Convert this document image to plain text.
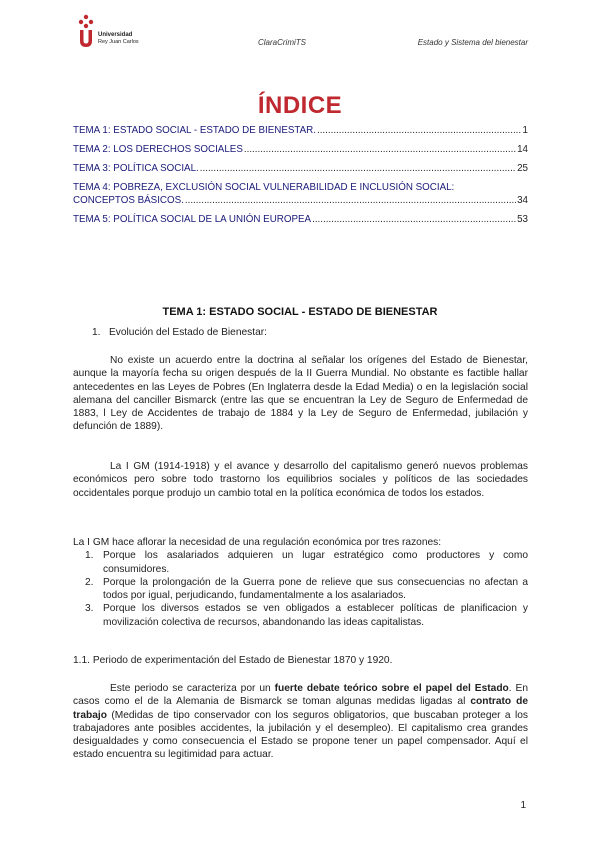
Universidad
Rey Juan Carlos	ClaraCrimiTS	Estado y Sistema del bienestar
ÍNDICE
TEMA 1: ESTADO SOCIAL - ESTADO DE BIENESTAR. .....	1
TEMA 2: LOS DERECHOS SOCIALES .....	14
TEMA 3: POLÍTICA SOCIAL. .....	25
TEMA 4: POBREZA, EXCLUSIÓN SOCIAL VULNERABILIDAD E INCLUSIÓN SOCIAL:
CONCEPTOS BÁSICOS. .....	34
TEMA 5: POLÍTICA SOCIAL DE LA UNIÓN EUROPEA .....	53
TEMA 1: ESTADO SOCIAL - ESTADO DE BIENESTAR
1.   Evolución del Estado de Bienestar:
No existe un acuerdo entre la doctrina al señalar los orígenes del Estado de Bienestar, aunque la mayoría fecha su origen después de la II Guerra Mundial. No obstante es factible hallar antecedentes en las Leyes de Pobres (En Inglaterra desde la Edad Media) o en la legislación social alemana del canciller Bismarck (entre las que se encuentran la Ley de Seguro de Enfermedad de 1883, l Ley de Accidentes de trabajo de 1884 y la Ley de Seguro de Enfermedad, jubilación y defunción de 1889).
La I GM (1914-1918) y el avance y desarrollo del capitalismo generó nuevos problemas económicos pero sobre todo trastorno los equilibrios sociales y políticos de las sociedades occidentales porque produjo un cambio total en la política económica de todos los estados.
La I GM hace aflorar la necesidad de una regulación económica por tres razones:
1. Porque los asalariados adquieren un lugar estratégico como productores y como consumidores.
2. Porque la prolongación de la Guerra pone de relieve que sus consecuencias no afectan a todos por igual, perjudicando, fundamentalmente a los asalariados.
3. Porque los diversos estados se ven obligados a establecer políticas de planificacion y movilización colectiva de recursos, abandonando las ideas capitalistas.
1.1. Periodo de experimentación del Estado de Bienestar 1870 y 1920.
Este periodo se caracteriza por un fuerte debate teórico sobre el papel del Estado. En casos como el de la Alemania de Bismarck se toman algunas medidas ligadas al contrato de trabajo (Medidas de tipo conservador con los seguros obligatorios, que buscaban proteger a los trabajadores ante posibles accidentes, la jubilación y el desempleo). El capitalismo crea grandes desigualdades y como consecuencia el Estado se propone tener un papel compensador. Aquí el estado encuentra su legitimidad para actuar.
1
